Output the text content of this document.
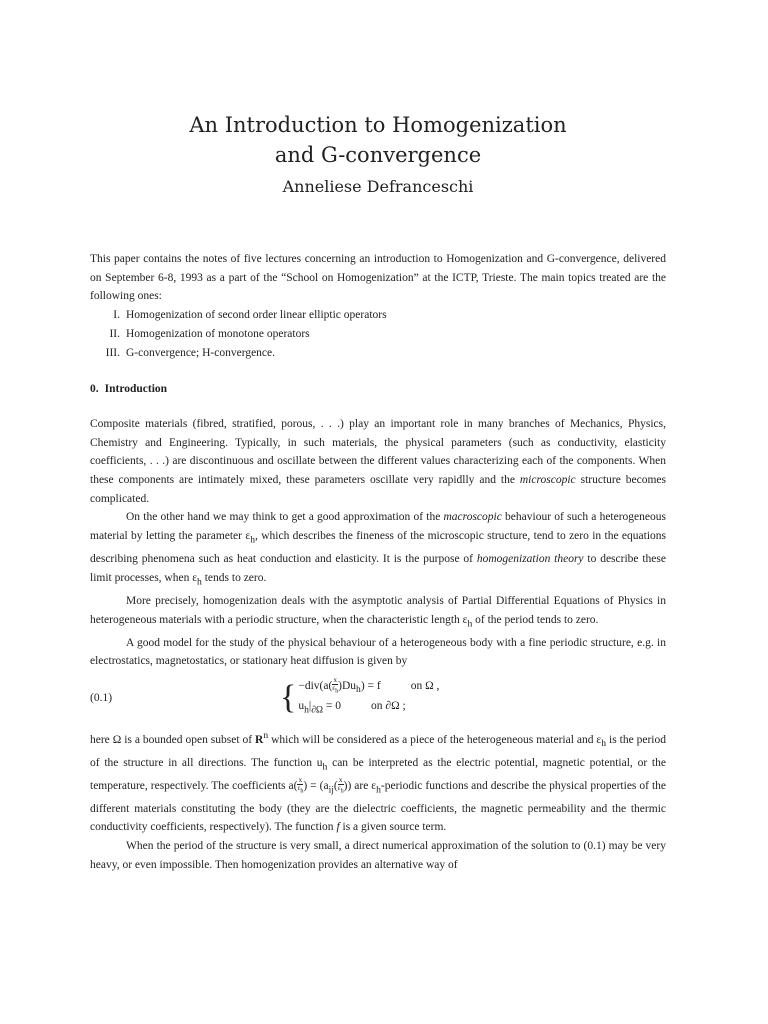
An Introduction to Homogenization
and G-convergence
Anneliese Defranceschi

This paper contains the notes of five lectures concerning an introduction to Homogenization and G-convergence, delivered on September 6-8, 1993 as a part of the “School on Homogenization” at the ICTP, Trieste. The main topics treated are the following ones:

I. Homogenization of second order linear elliptic operators
II. Homogenization of monotone operators
III. G-convergence; H-convergence.
0. Introduction

Composite materials (fibred, stratified, porous, . . .) play an important role in many branches of Mechanics, Physics, Chemistry and Engineering. Typically, in such materials, the physical parameters (such as conductivity, elasticity coefficients, . . .) are discontinuous and oscillate between the different values characterizing each of the components. When these components are intimately mixed, these parameters oscillate very rapidlly and the microscopic structure becomes complicated.

On the other hand we may think to get a good approximation of the macroscopic behaviour of such a heterogeneous material by letting the parameter $\varepsilon_h$, which describes the fineness of the microscopic structure, tend to zero in the equations describing phenomena such as heat conduction and elasticity. It is the purpose of homogenization theory to describe these limit processes, when $\varepsilon_h$ tends to zero.

More precisely, homogenization deals with the asymptotic analysis of Partial Differential Equations of Physics in heterogeneous materials with a periodic structure, when the characteristic length $\varepsilon_h$ of the period tends to zero.

A good model for the study of the physical behaviour of a heterogeneous body with a fine periodic structure, e.g. in electrostatics, magnetostatics, or stationary heat diffusion is given by

(0.1)	{ $-div(a( \frac{x}{\varepsilon_h} )Du_h) = f$	on Ω ,
$u_h|_{\partial\Omega} = 0$	on ∂Ω ;

here Ω is a bounded open subset of $R^n$ which will be considered as a piece of the heterogeneous material and $\varepsilon_h$ is the period of the structure in all directions. The function $u_h$ can be interpreted as the electric potential, magnetic potential, or the temperature, respectively. The coefficients $a( \frac{x}{\varepsilon_h}$ ) = ($a_{ij}( \frac{x}{\varepsilon_h}$ )) are $\varepsilon_h$-periodic functions and describe the physical properties of the different materials constituting the body (they are the dielectric coefficients, the magnetic permeability and the thermic conductivity coefficients, respectively). The function f is a given source term.

When the period of the structure is very small, a direct numerical approximation of the solution to (0.1) may be very heavy, or even impossible. Then homogenization provides an alternative way of
